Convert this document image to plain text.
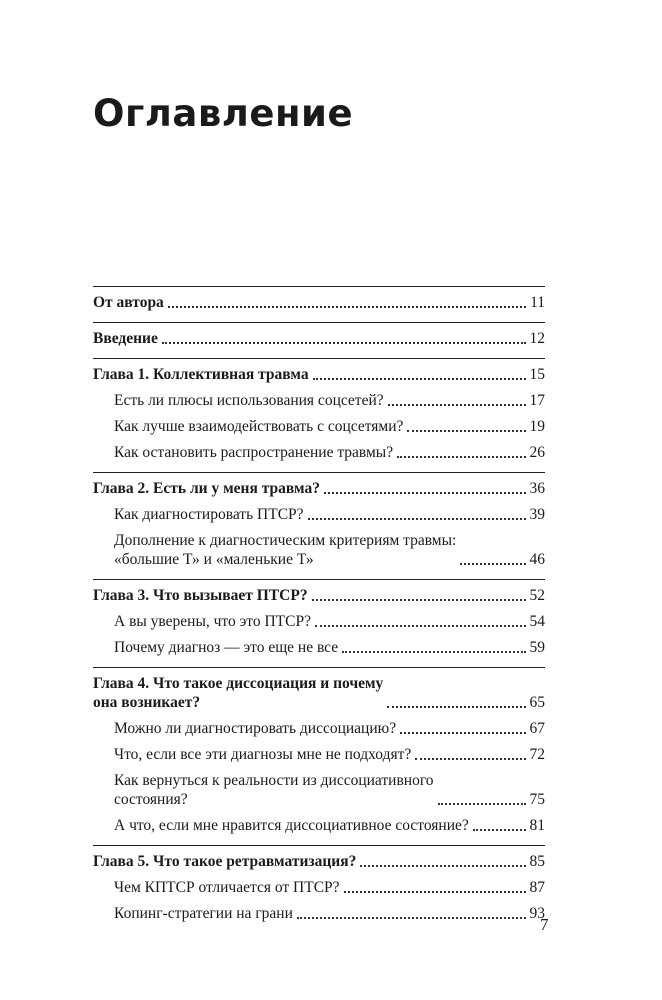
Оглавление
От автора	11
Введение	12
Глава 1. Коллективная травма	15
Есть ли плюсы использования соцсетей?	17
Как лучше взаимодействовать с соцсетями?	19
Как остановить распространение травмы?	26
Глава 2. Есть ли у меня травма?	36
Как диагностировать ПТСР?	39
Дополнение к диагностическим критериям травмы:
«большие Т» и «маленькие Т»	46
Глава 3. Что вызывает ПТСР?	52
А вы уверены, что это ПТСР?	54
Почему диагноз — это еще не все	59
Глава 4. Что такое диссоциация и почему
она возникает?	65
Можно ли диагностировать диссоциацию?	67
Что, если все эти диагнозы мне не подходят?	72
Как вернуться к реальности из диссоциативного
состояния?	75
А что, если мне нравится диссоциативное состояние?	81
Глава 5. Что такое ретравматизация?	85
Чем КПТСР отличается от ПТСР?	87
Копинг-стратегии на грани	93
7
